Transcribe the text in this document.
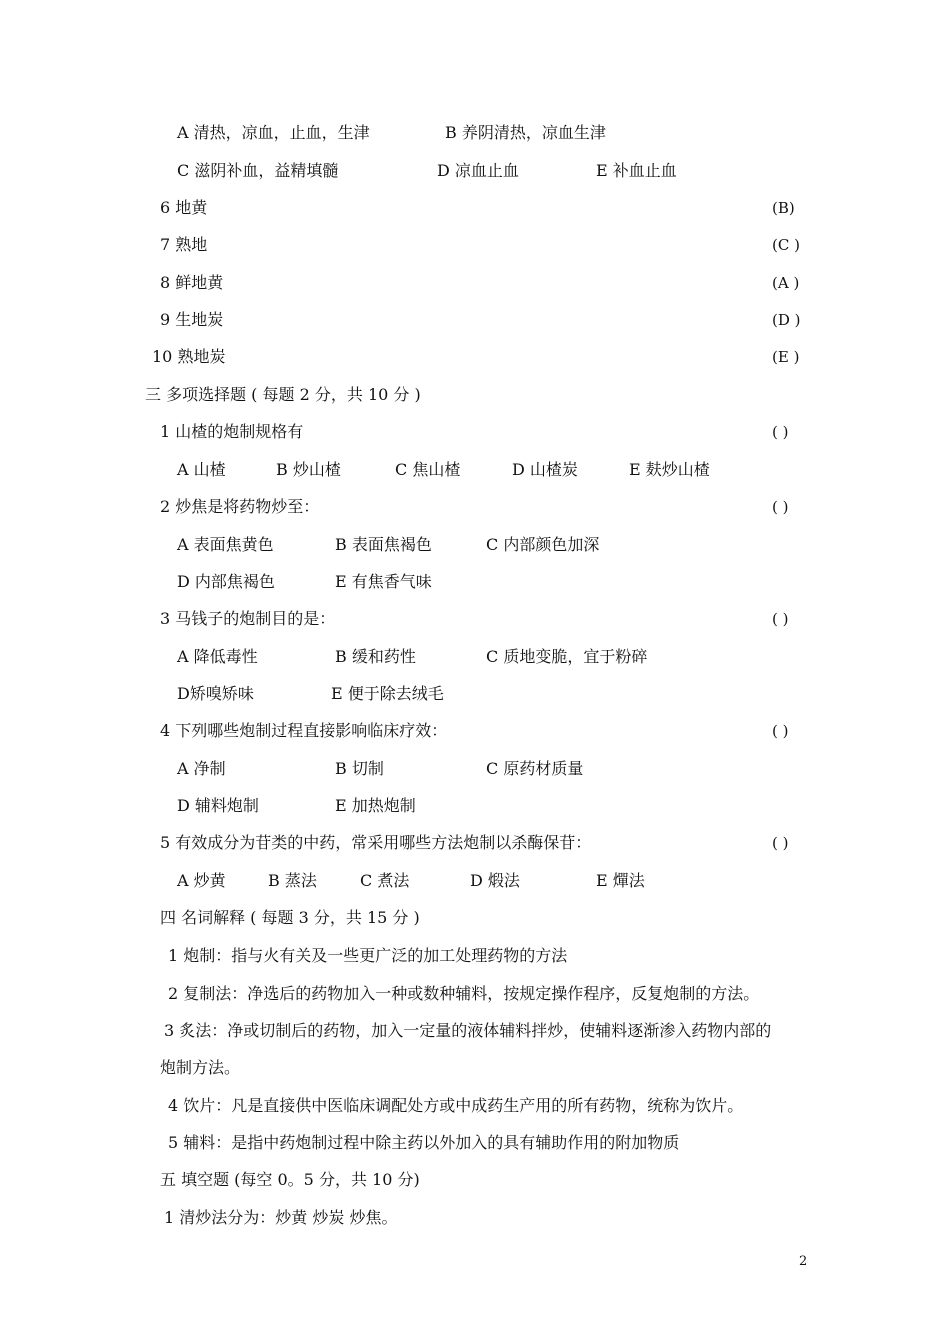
A 清热，凉血，止血，生津	B 养阴清热，凉血生津
C 滋阴补血，益精填髓	D 凉血止血	E 补血止血
6 地黄	(B)
7 熟地	(C )
8 鲜地黄	(A )
9 生地炭	(D )
10 熟地炭	(E )
三 多项选择题 ( 每题 2 分，共 10 分 )
1 山楂的炮制规格有	( )
A 山楂	B 炒山楂	C 焦山楂	D 山楂炭	E 麸炒山楂
2 炒焦是将药物炒至：	( )
A 表面焦黄色	B 表面焦褐色	C 内部颜色加深
D 内部焦褐色	E 有焦香气味
3 马钱子的炮制目的是：	( )
A 降低毒性	B 缓和药性	C 质地变脆，宜于粉碎
D矫嗅矫味	E 便于除去绒毛
4 下列哪些炮制过程直接影响临床疗效：	( )
A 净制	B 切制	C 原药材质量
D 辅料炮制	E 加热炮制
5 有效成分为苷类的中药，常采用哪些方法炮制以杀酶保苷：	( )
A 炒黄	B 蒸法	C 煮法	D 煅法	E 燀法
四 名词解释 ( 每题 3 分，共 15 分 )
1 炮制：指与火有关及一些更广泛的加工处理药物的方法
2 复制法：净选后的药物加入一种或数种辅料，按规定操作程序，反复炮制的方法。
3 炙法：净或切制后的药物，加入一定量的液体辅料拌炒，使辅料逐渐渗入药物内部的
炮制方法。
4 饮片：凡是直接供中医临床调配处方或中成药生产用的所有药物，统称为饮片。
5 辅料：是指中药炮制过程中除主药以外加入的具有辅助作用的附加物质
五 填空题 (每空 0。5 分，共 10 分)
1 清炒法分为：炒黄 炒炭 炒焦。
2
